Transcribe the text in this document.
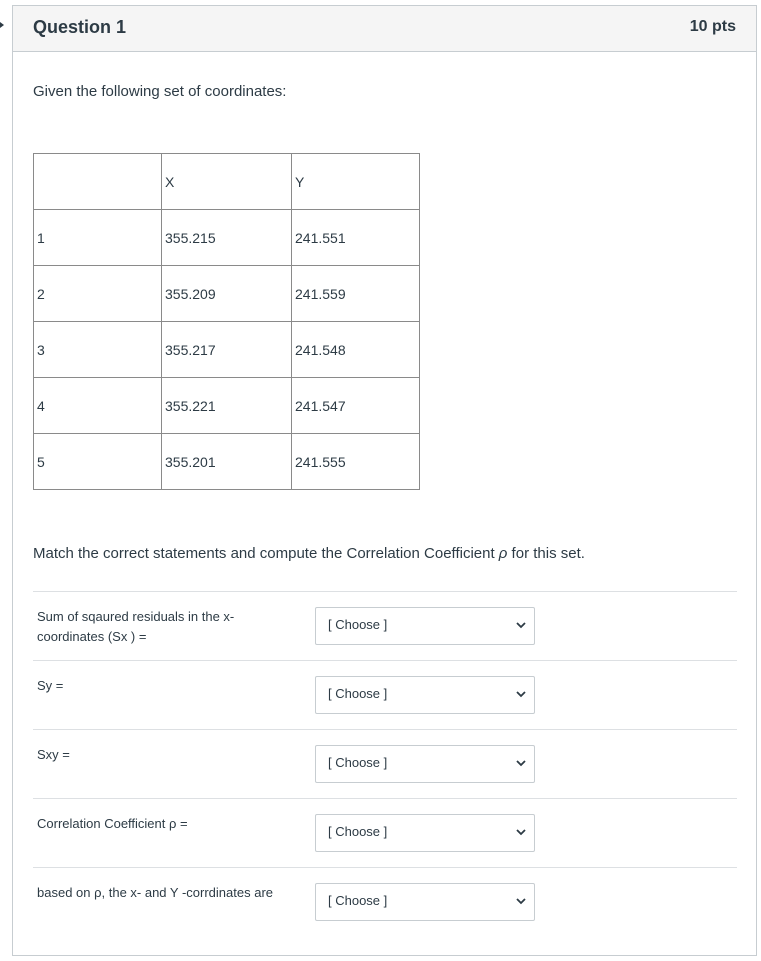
Question 1	10 pts
Given the following set of coordinates:
	X	Y
1	355.215	241.551
2	355.209	241.559
3	355.217	241.548
4	355.221	241.547
5	355.201	241.555
Match the correct statements and compute the Correlation Coefficient ρ for this set.
Sum of sqaured residuals in the x-coordinates (Sx ) =
[ Choose ]
Sy =
[ Choose ]
Sxy =
[ Choose ]
Correlation Coefficient ρ =
[ Choose ]
based on ρ, the x- and Y -corrdinates are
[ Choose ]
